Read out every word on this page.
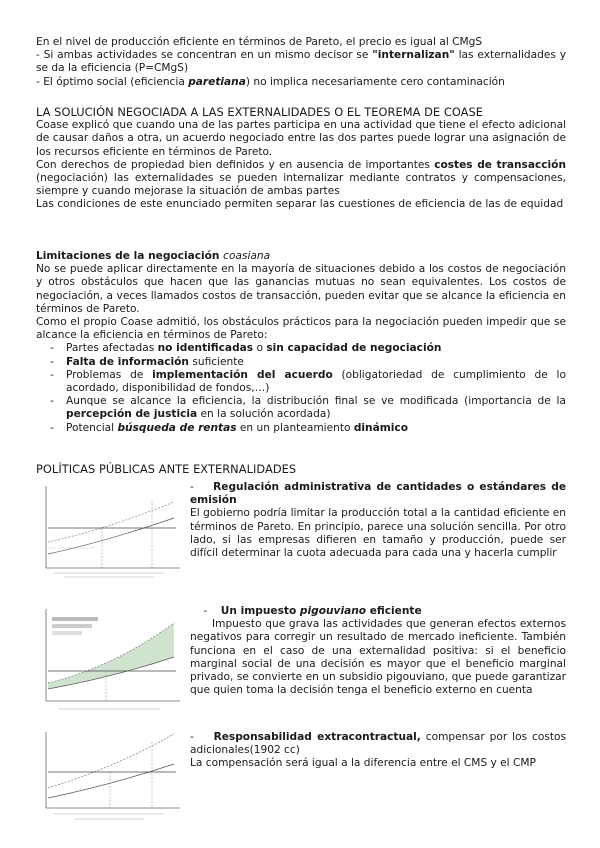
En el nivel de producción eficiente en términos de Pareto, el precio es igual al CMgS

- Si ambas actividades se concentran en un mismo decisor se "internalizan" las externalidades y se da la eficiencia (P=CMgS)

- El óptimo social (eficiencia paretiana) no implica necesariamente cero contaminación

LA SOLUCIÓN NEGOCIADA A LAS EXTERNALIDADES O EL TEOREMA DE COASE

Coase explicó que cuando una de las partes participa en una actividad que tiene el efecto adicional de causar daños a otra, un acuerdo negociado entre las dos partes puede lograr una asignación de los recursos eficiente en términos de Pareto.

Con derechos de propiedad bien definidos y en ausencia de importantes costes de transacción (negociación) las externalidades se pueden internalizar mediante contratos y compensaciones, siempre y cuando mejorase la situación de ambas partes

Las condiciones de este enunciado permiten separar las cuestiones de eficiencia de las de equidad

Limitaciones de la negociación coasiana

No se puede aplicar directamente en la mayoría de situaciones debido a los costos de negociación y otros obstáculos que hacen que las ganancias mutuas no sean equivalentes. Los costos de negociación, a veces llamados costos de transacción, pueden evitar que se alcance la eficiencia en términos de Pareto.

Como el propio Coase admitió, los obstáculos prácticos para la negociación pueden impedir que se alcance la eficiencia en términos de Pareto:

- Partes afectadas no identificadas o sin capacidad de negociación
- Falta de información suficiente
- Problemas de implementación del acuerdo (obligatoriedad de cumplimiento de lo acordado, disponibilidad de fondos,…)
- Aunque se alcance la eficiencia, la distribución final se ve modificada (importancia de la percepción de justicia en la solución acordada)
- Potencial búsqueda de rentas en un planteamiento dinámico

POLÍTICAS PÚBLICAS ANTE EXTERNALIDADES

-    Regulación administrativa de cantidades o estándares de emisión

El gobierno podría limitar la producción total a la cantidad eficiente en términos de Pareto. En principio, parece una solución sencilla. Por otro lado, si las empresas difieren en tamaño y producción, puede ser difícil determinar la cuota adecuada para cada una y hacerla cumplir

-    Un impuesto pigouviano eficiente

Impuesto que grava las actividades que generan efectos externos negativos para corregir un resultado de mercado ineficiente. También funciona en el caso de una externalidad positiva: si el beneficio marginal social de una decisión es mayor que el beneficio marginal privado, se convierte en un subsidio pigouviano, que puede garantizar que quien toma la decisión tenga el beneficio externo en cuenta

-    Responsabilidad extracontractual, compensar por los costos adicionales(1902 cc)

La compensación será igual a la diferencia entre el CMS y el CMP
